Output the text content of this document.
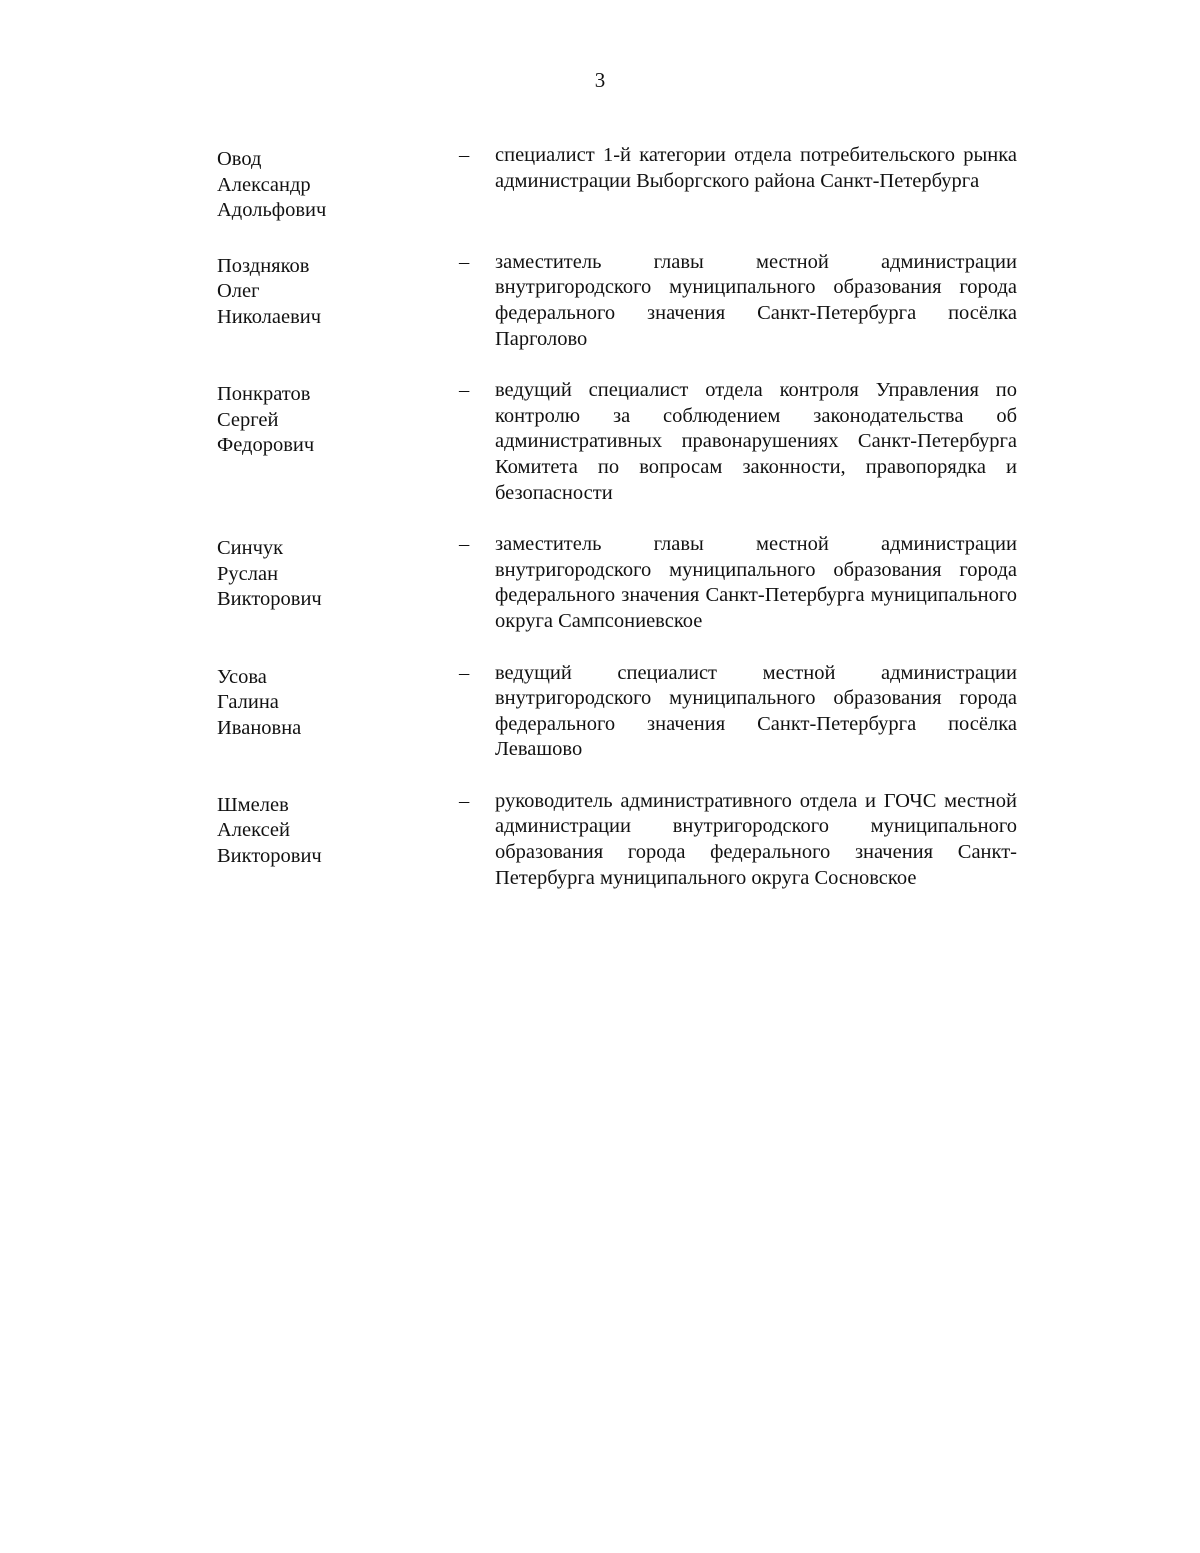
3
Овод
Александр
Адольфович
–	специалист 1-й категории отдела потребительского рынка администрации Выборгского района Санкт-Петербурга
Поздняков
Олег
Николаевич
–	заместитель главы местной администрации внутригородского муниципального образования города федерального значения Санкт-Петербурга посёлка Парголово
Понкратов
Сергей
Федорович
–	ведущий специалист отдела контроля Управления по контролю за соблюдением законодательства об административных правонарушениях Санкт-Петербурга Комитета по вопросам законности, правопорядка и безопасности
Синчук
Руслан
Викторович
–	заместитель главы местной администрации внутригородского муниципального образования города федерального значения Санкт-Петербурга муниципального округа Сампсониевское
Усова
Галина
Ивановна
–	ведущий специалист местной администрации внутригородского муниципального образования города федерального значения Санкт-Петербурга посёлка Левашово
Шмелев
Алексей
Викторович
–	руководитель административного отдела и ГОЧС местной администрации внутригородского муниципального образования города федерального значения Санкт-Петербурга муниципального округа Сосновское
